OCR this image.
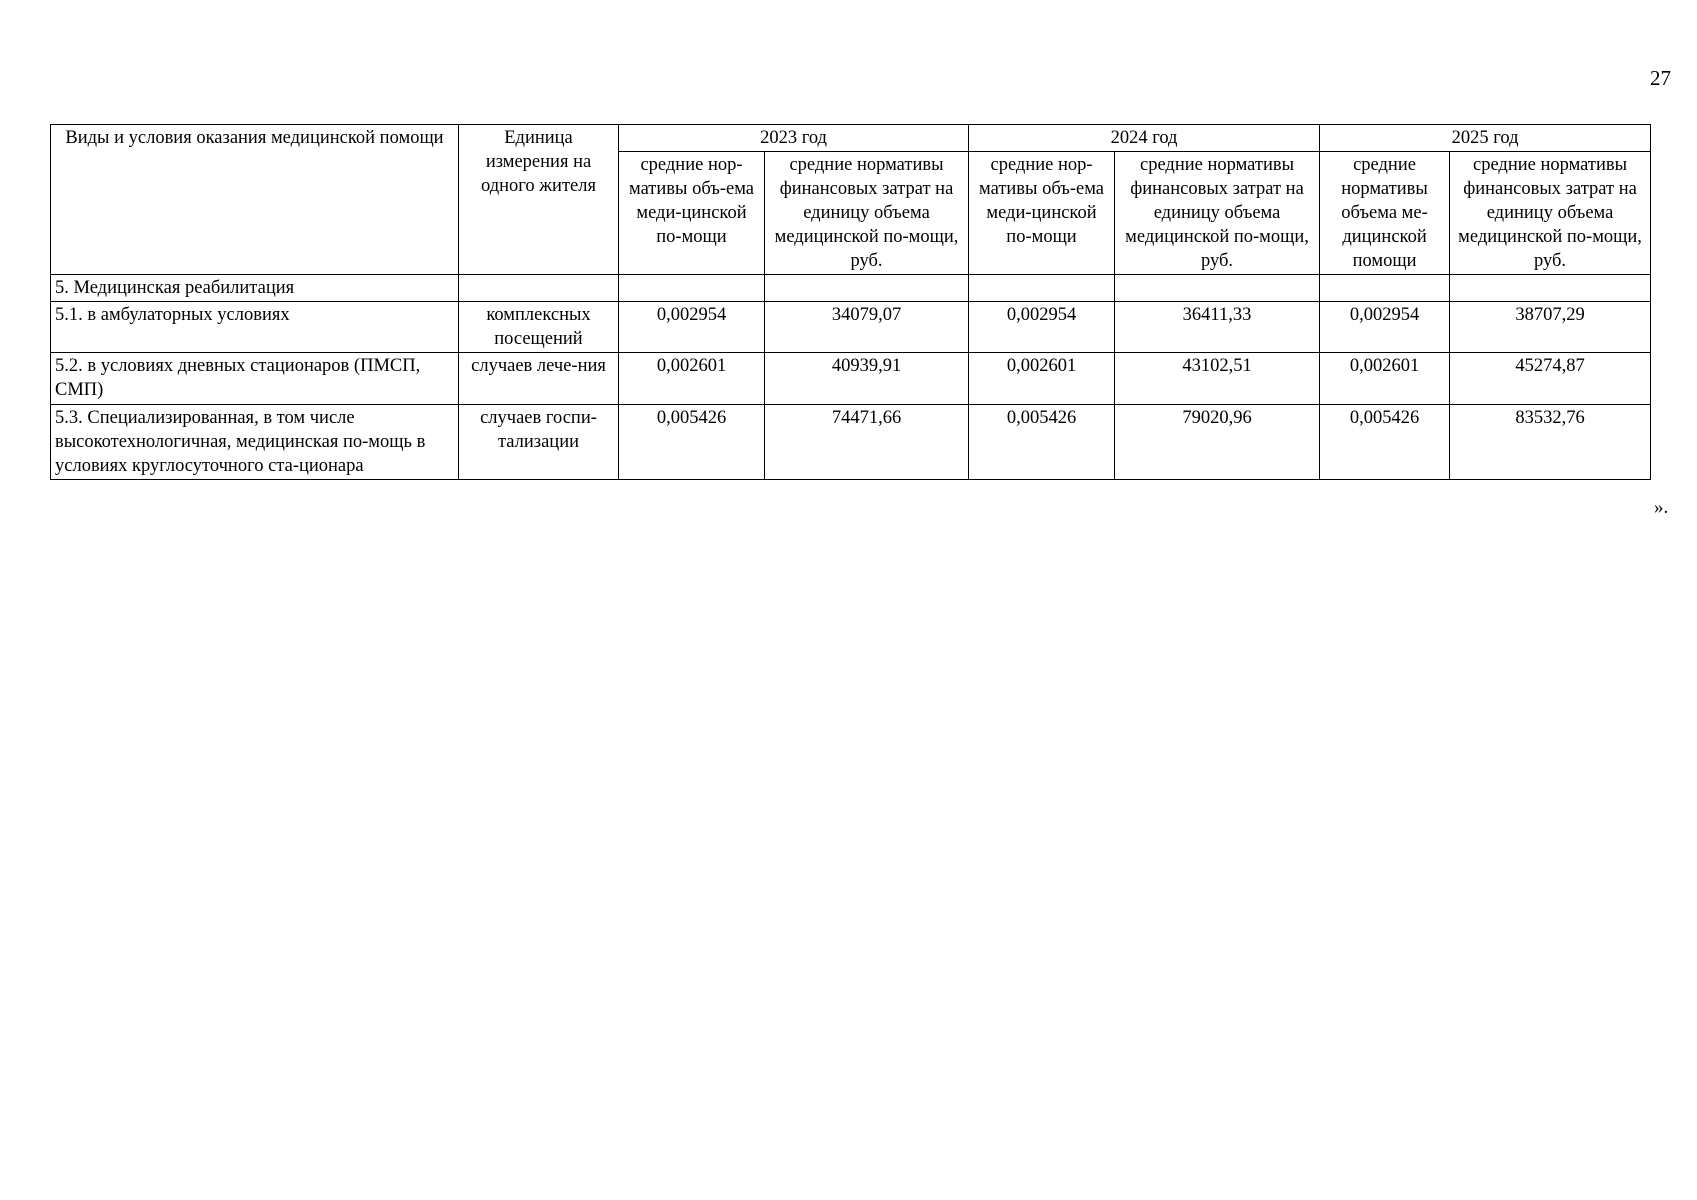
27
Виды и условия оказания медицинской помощи	Единица измерения на одного жителя	2023 год		2024 год		2025 год	
		средние нор-мативы объ-ема меди-цинской по-мощи	средние нормативы финансовых затрат на единицу объема медицинской по-мощи, руб.	средние нор-мативы объ-ема меди-цинской по-мощи	средние нормативы финансовых затрат на единицу объема медицинской по-мощи, руб.	средние нормативы объема ме-дицинской помощи	средние нормативы финансовых затрат на единицу объема медицинской по-мощи, руб.
5. Медицинская реабилитация							
5.1. в амбулаторных условиях	комплексных посещений	0,002954	34079,07	0,002954	36411,33	0,002954	38707,29
5.2. в условиях дневных стационаров (ПМСП, СМП)	случаев лече-ния	0,002601	40939,91	0,002601	43102,51	0,002601	45274,87
5.3. Специализированная, в том числе высокотехнологичная, медицинская по-мощь в условиях круглосуточного ста-ционара	случаев госпи-тализации	0,005426	74471,66	0,005426	79020,96	0,005426	83532,76
».
